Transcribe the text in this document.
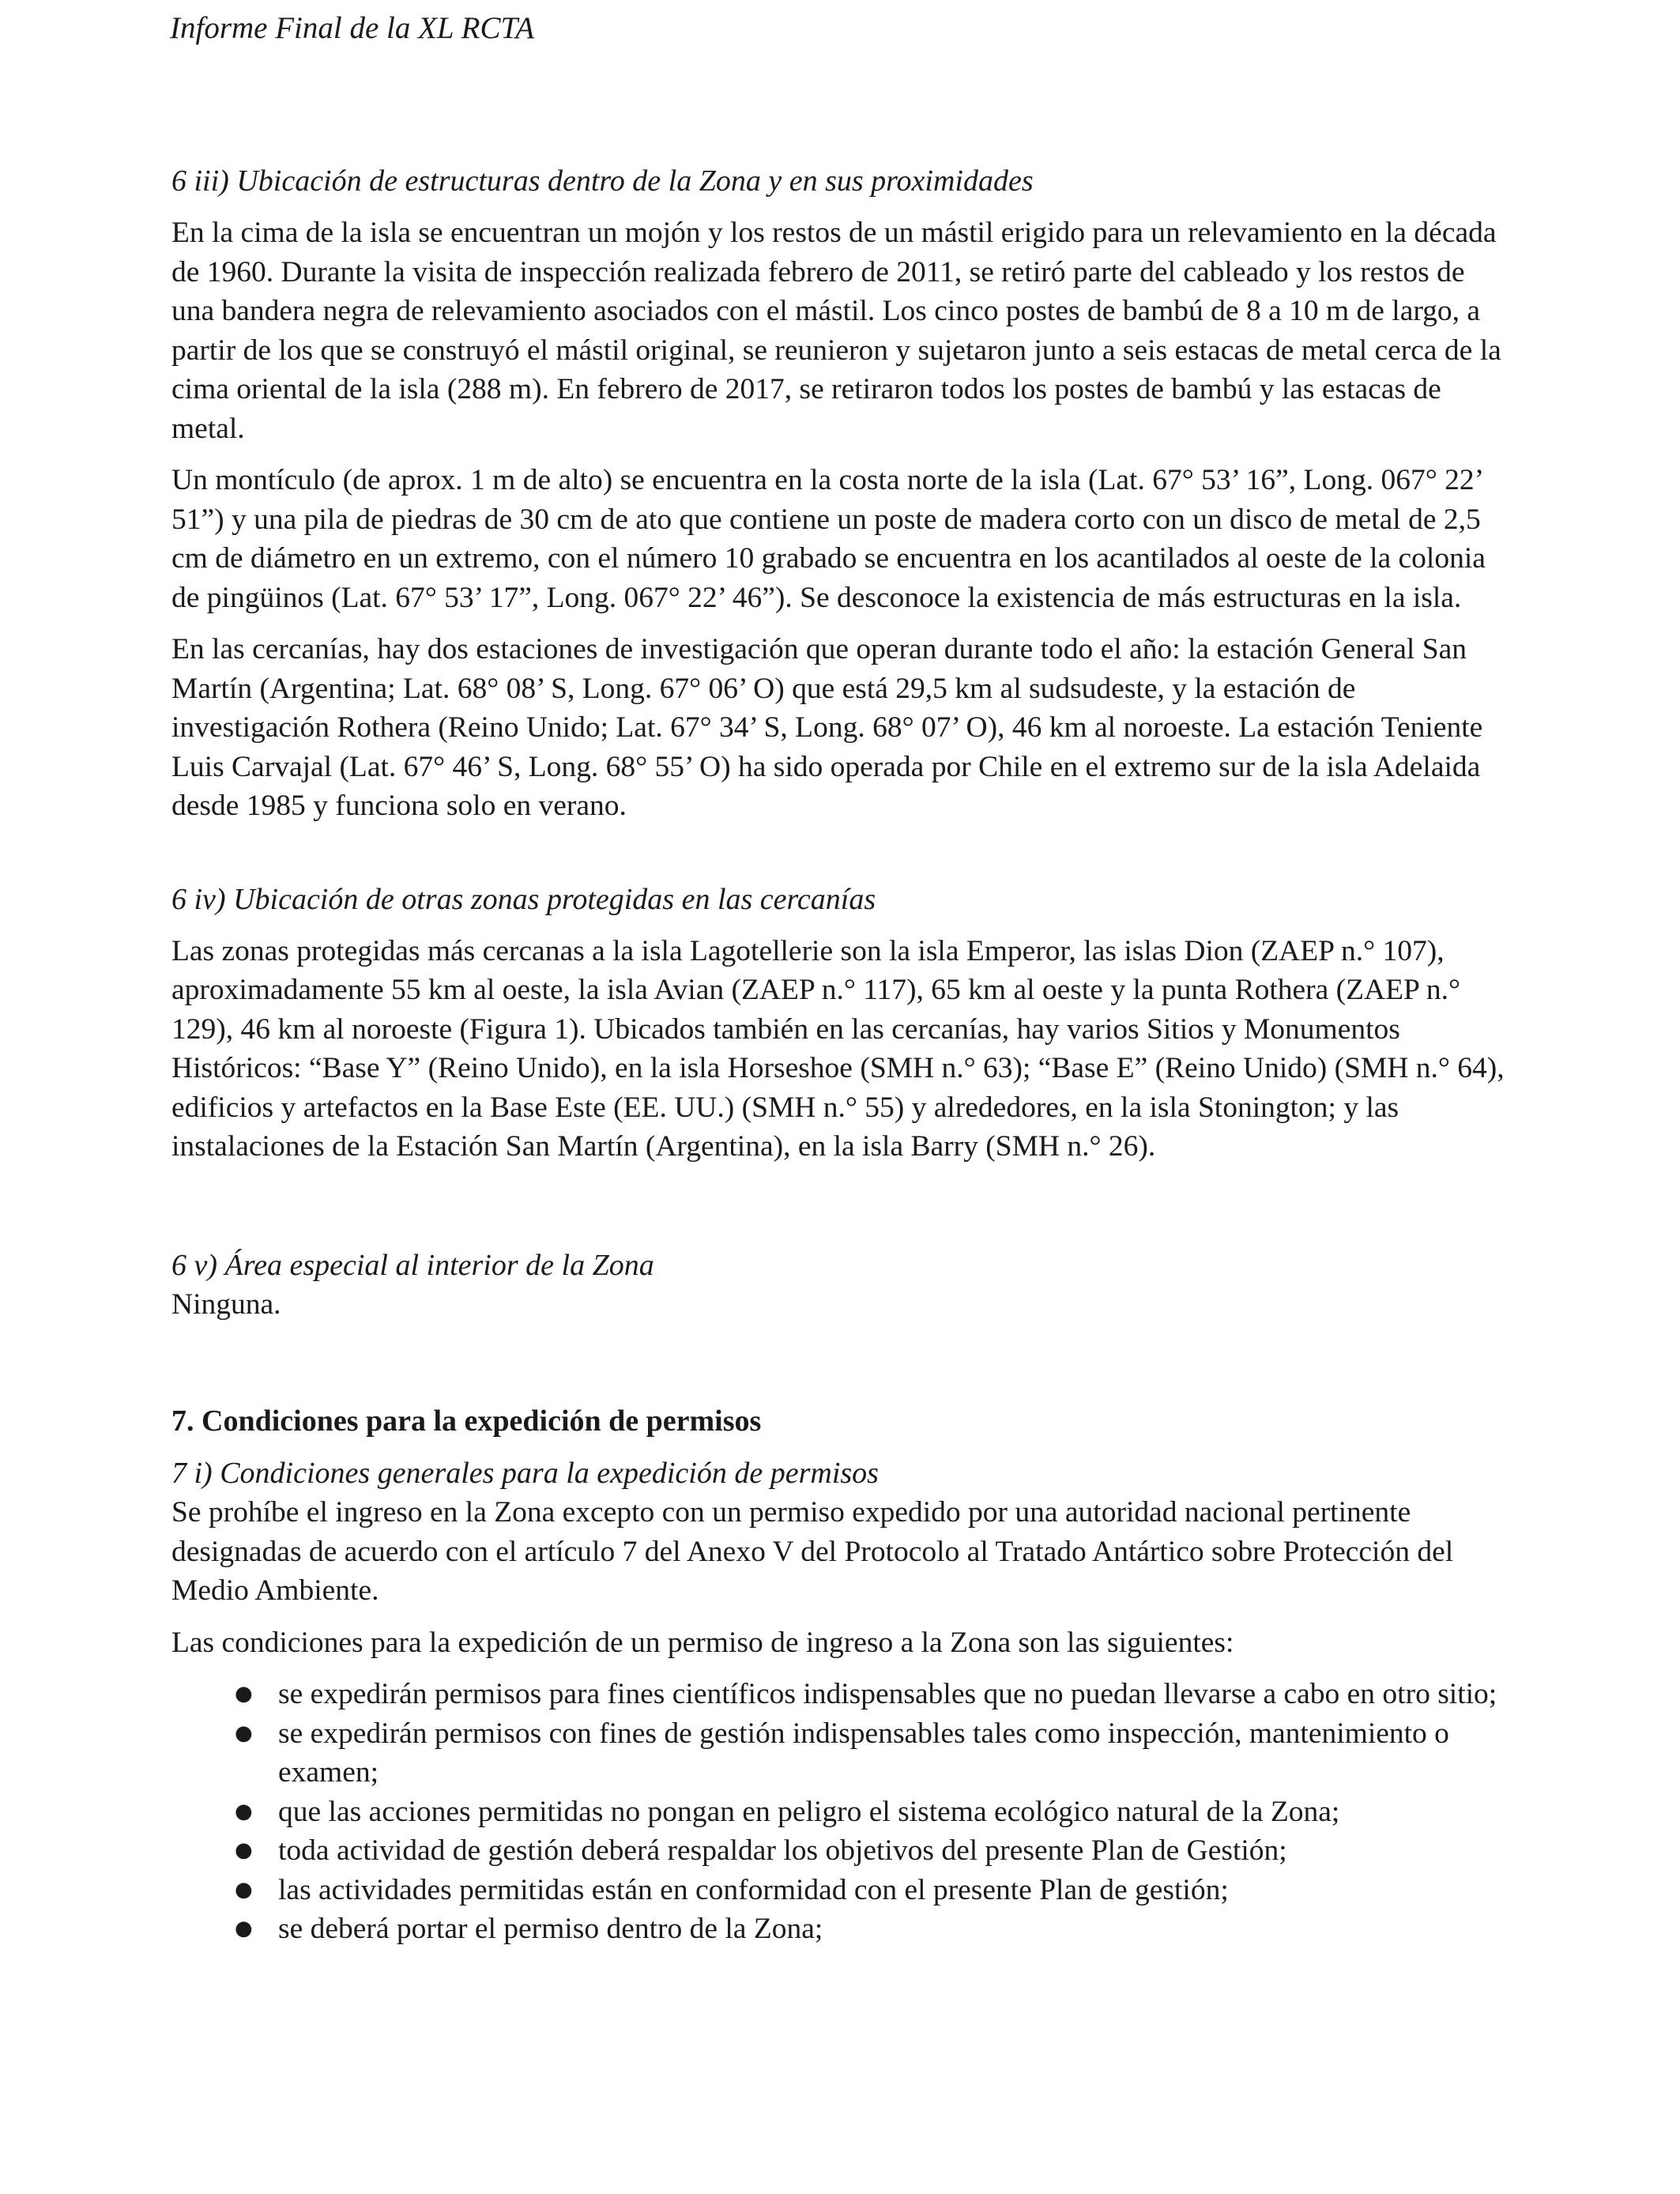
Informe Final de la XL RCTA

6 iii) Ubicación de estructuras dentro de la Zona y en sus proximidades

En la cima de la isla se encuentran un mojón y los restos de un mástil erigido para un relevamiento en la década de 1960. Durante la visita de inspección realizada febrero de 2011, se retiró parte del cableado y los restos de una bandera negra de relevamiento asociados con el mástil. Los cinco postes de bambú de 8 a 10 m de largo, a partir de los que se construyó el mástil original, se reunieron y sujetaron junto a seis estacas de metal cerca de la cima oriental de la isla (288 m). En febrero de 2017, se retiraron todos los postes de bambú y las estacas de metal.

Un montículo (de aprox. 1 m de alto) se encuentra en la costa norte de la isla (Lat. 67° 53’ 16”, Long. 067° 22’ 51”) y una pila de piedras de 30 cm de ato que contiene un poste de madera corto con un disco de metal de 2,5 cm de diámetro en un extremo, con el número 10 grabado se encuentra en los acantilados al oeste de la colonia de pingüinos (Lat. 67° 53’ 17”, Long. 067° 22’ 46”). Se desconoce la existencia de más estructuras en la isla.

En las cercanías, hay dos estaciones de investigación que operan durante todo el año: la estación General San Martín (Argentina; Lat. 68° 08’ S, Long. 67° 06’ O) que está 29,5 km al sudsudeste, y la estación de investigación Rothera (Reino Unido; Lat. 67° 34’ S, Long. 68° 07’ O), 46 km al noroeste. La estación Teniente Luis Carvajal (Lat. 67° 46’ S, Long. 68° 55’ O) ha sido operada por Chile en el extremo sur de la isla Adelaida desde 1985 y funciona solo en verano.

6 iv) Ubicación de otras zonas protegidas en las cercanías

Las zonas protegidas más cercanas a la isla Lagotellerie son la isla Emperor, las islas Dion (ZAEP n.° 107), aproximadamente 55 km al oeste, la isla Avian (ZAEP n.° 117), 65 km al oeste y la punta Rothera (ZAEP n.° 129), 46 km al noroeste (Figura 1). Ubicados también en las cercanías, hay varios Sitios y Monumentos Históricos: “Base Y” (Reino Unido), en la isla Horseshoe (SMH n.° 63); “Base E” (Reino Unido) (SMH n.° 64), edificios y artefactos en la Base Este (EE. UU.) (SMH n.° 55) y alrededores, en la isla Stonington; y las instalaciones de la Estación San Martín (Argentina), en la isla Barry (SMH n.° 26).

6 v) Área especial al interior de la Zona

Ninguna.

7. Condiciones para la expedición de permisos

7 i) Condiciones generales para la expedición de permisos

Se prohíbe el ingreso en la Zona excepto con un permiso expedido por una autoridad nacional pertinente designadas de acuerdo con el artículo 7 del Anexo V del Protocolo al Tratado Antártico sobre Protección del Medio Ambiente.

Las condiciones para la expedición de un permiso de ingreso a la Zona son las siguientes:

● se expedirán permisos para fines científicos indispensables que no puedan llevarse a cabo en otro sitio;
● se expedirán permisos con fines de gestión indispensables tales como inspección, mantenimiento o examen;
● que las acciones permitidas no pongan en peligro el sistema ecológico natural de la Zona;
● toda actividad de gestión deberá respaldar los objetivos del presente Plan de Gestión;
● las actividades permitidas están en conformidad con el presente Plan de gestión;
● se deberá portar el permiso dentro de la Zona;
